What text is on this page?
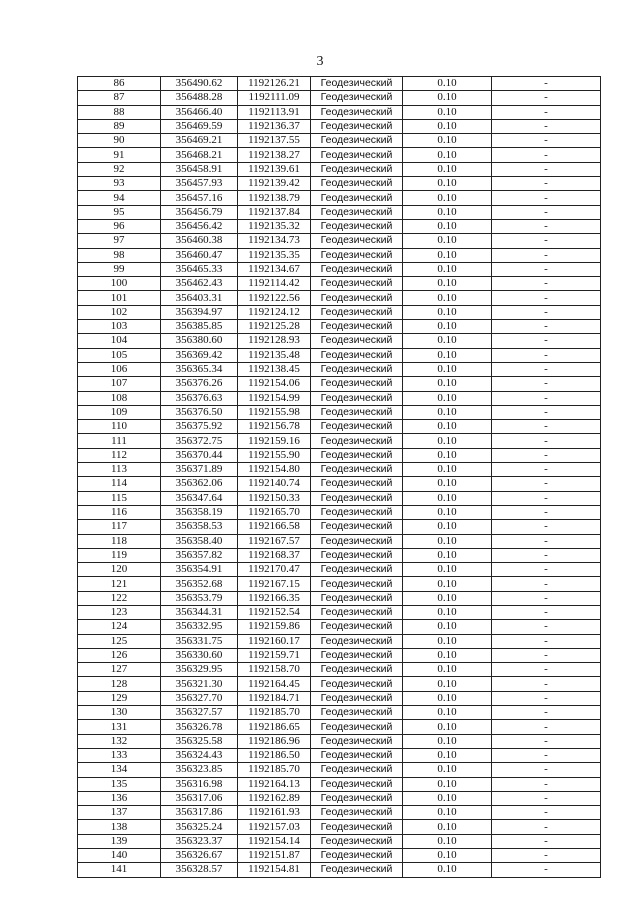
3
86	356490.62	1192126.21	Геодезический	0.10	-
87	356488.28	1192111.09	Геодезический	0.10	-
88	356466.40	1192113.91	Геодезический	0.10	-
89	356469.59	1192136.37	Геодезический	0.10	-
90	356469.21	1192137.55	Геодезический	0.10	-
91	356468.21	1192138.27	Геодезический	0.10	-
92	356458.91	1192139.61	Геодезический	0.10	-
93	356457.93	1192139.42	Геодезический	0.10	-
94	356457.16	1192138.79	Геодезический	0.10	-
95	356456.79	1192137.84	Геодезический	0.10	-
96	356456.42	1192135.32	Геодезический	0.10	-
97	356460.38	1192134.73	Геодезический	0.10	-
98	356460.47	1192135.35	Геодезический	0.10	-
99	356465.33	1192134.67	Геодезический	0.10	-
100	356462.43	1192114.42	Геодезический	0.10	-
101	356403.31	1192122.56	Геодезический	0.10	-
102	356394.97	1192124.12	Геодезический	0.10	-
103	356385.85	1192125.28	Геодезический	0.10	-
104	356380.60	1192128.93	Геодезический	0.10	-
105	356369.42	1192135.48	Геодезический	0.10	-
106	356365.34	1192138.45	Геодезический	0.10	-
107	356376.26	1192154.06	Геодезический	0.10	-
108	356376.63	1192154.99	Геодезический	0.10	-
109	356376.50	1192155.98	Геодезический	0.10	-
110	356375.92	1192156.78	Геодезический	0.10	-
111	356372.75	1192159.16	Геодезический	0.10	-
112	356370.44	1192155.90	Геодезический	0.10	-
113	356371.89	1192154.80	Геодезический	0.10	-
114	356362.06	1192140.74	Геодезический	0.10	-
115	356347.64	1192150.33	Геодезический	0.10	-
116	356358.19	1192165.70	Геодезический	0.10	-
117	356358.53	1192166.58	Геодезический	0.10	-
118	356358.40	1192167.57	Геодезический	0.10	-
119	356357.82	1192168.37	Геодезический	0.10	-
120	356354.91	1192170.47	Геодезический	0.10	-
121	356352.68	1192167.15	Геодезический	0.10	-
122	356353.79	1192166.35	Геодезический	0.10	-
123	356344.31	1192152.54	Геодезический	0.10	-
124	356332.95	1192159.86	Геодезический	0.10	-
125	356331.75	1192160.17	Геодезический	0.10	-
126	356330.60	1192159.71	Геодезический	0.10	-
127	356329.95	1192158.70	Геодезический	0.10	-
128	356321.30	1192164.45	Геодезический	0.10	-
129	356327.70	1192184.71	Геодезический	0.10	-
130	356327.57	1192185.70	Геодезический	0.10	-
131	356326.78	1192186.65	Геодезический	0.10	-
132	356325.58	1192186.96	Геодезический	0.10	-
133	356324.43	1192186.50	Геодезический	0.10	-
134	356323.85	1192185.70	Геодезический	0.10	-
135	356316.98	1192164.13	Геодезический	0.10	-
136	356317.06	1192162.89	Геодезический	0.10	-
137	356317.86	1192161.93	Геодезический	0.10	-
138	356325.24	1192157.03	Геодезический	0.10	-
139	356323.37	1192154.14	Геодезический	0.10	-
140	356326.67	1192151.87	Геодезический	0.10	-
141	356328.57	1192154.81	Геодезический	0.10	-
